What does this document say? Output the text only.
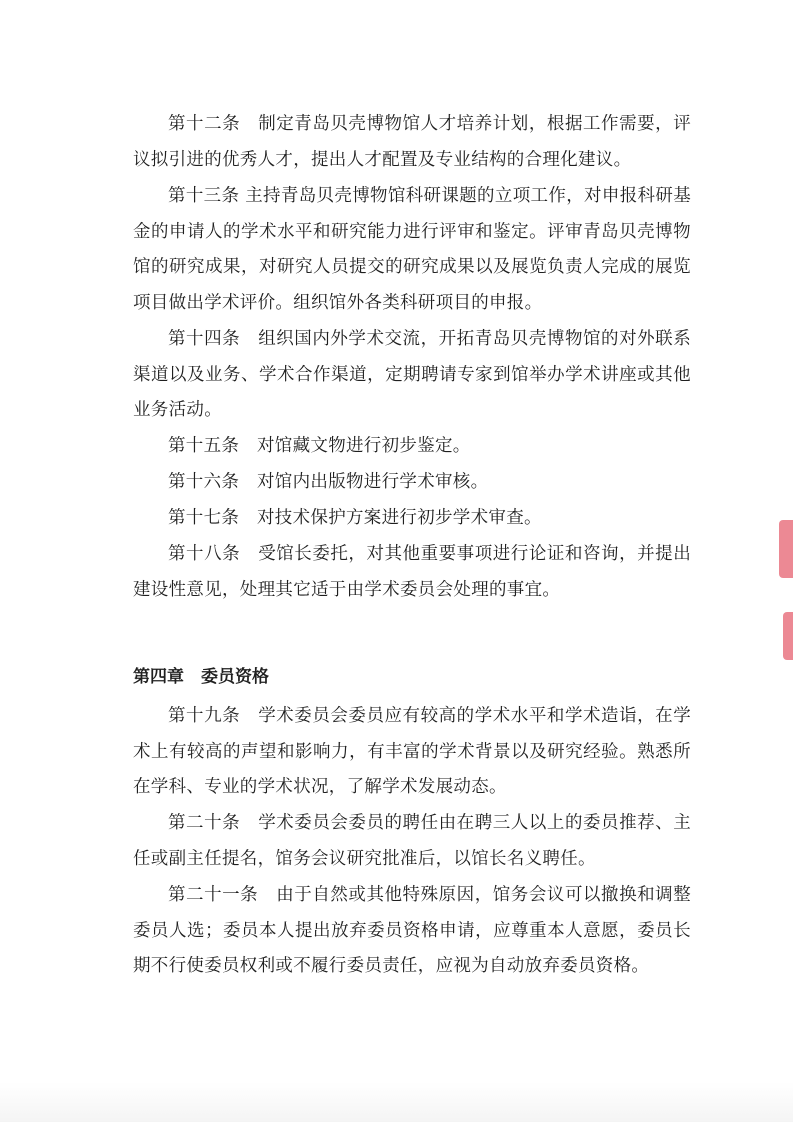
第十二条　制定青岛贝壳博物馆人才培养计划，根据工作需要，评议拟引进的优秀人才，提出人才配置及专业结构的合理化建议。

第十三条 主持青岛贝壳博物馆科研课题的立项工作，对申报科研基金的申请人的学术水平和研究能力进行评审和鉴定。评审青岛贝壳博物馆的研究成果，对研究人员提交的研究成果以及展览负责人完成的展览项目做出学术评价。组织馆外各类科研项目的申报。

第十四条　组织国内外学术交流，开拓青岛贝壳博物馆的对外联系渠道以及业务、学术合作渠道，定期聘请专家到馆举办学术讲座或其他业务活动。

第十五条　对馆藏文物进行初步鉴定。

第十六条　对馆内出版物进行学术审核。

第十七条　对技术保护方案进行初步学术审查。

第十八条　受馆长委托，对其他重要事项进行论证和咨询，并提出建设性意见，处理其它适于由学术委员会处理的事宜。

第四章　委员资格

第十九条　学术委员会委员应有较高的学术水平和学术造诣，在学术上有较高的声望和影响力，有丰富的学术背景以及研究经验。熟悉所在学科、专业的学术状况，了解学术发展动态。

第二十条　学术委员会委员的聘任由在聘三人以上的委员推荐、主任或副主任提名，馆务会议研究批准后，以馆长名义聘任。

第二十一条　由于自然或其他特殊原因，馆务会议可以撤换和调整委员人选；委员本人提出放弃委员资格申请，应尊重本人意愿，委员长期不行使委员权利或不履行委员责任，应视为自动放弃委员资格。
